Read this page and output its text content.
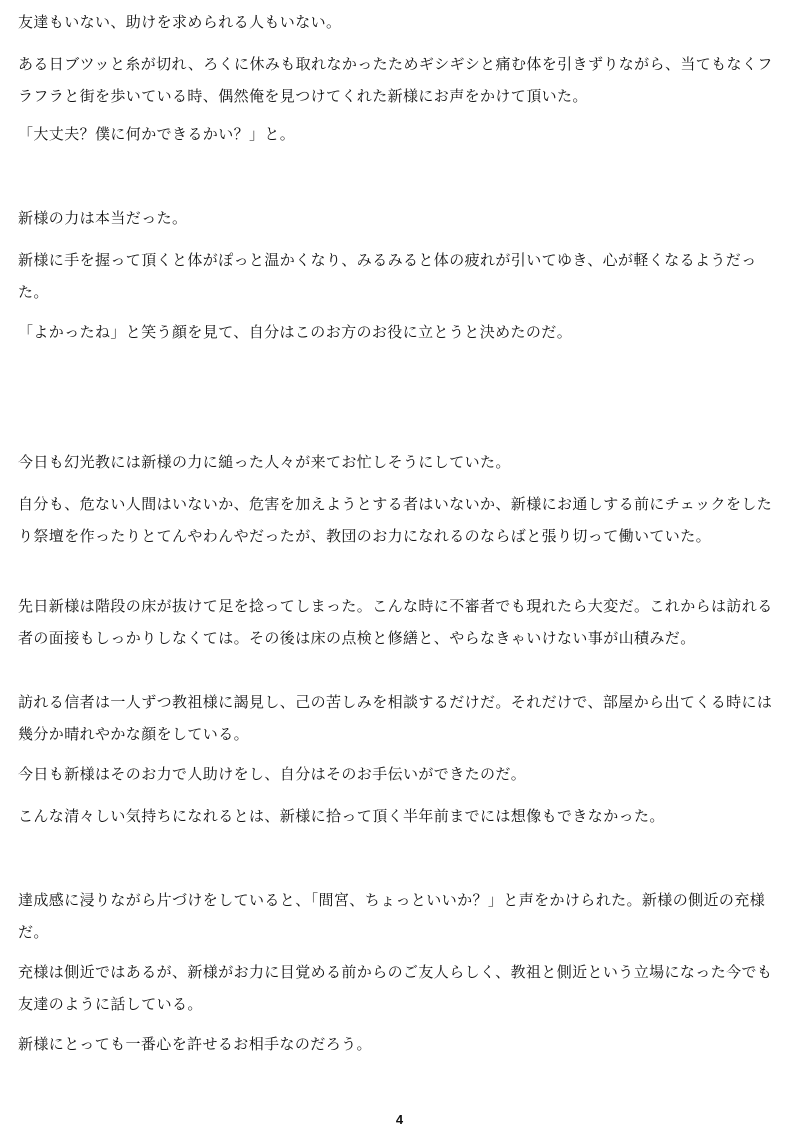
友達もいない、助けを求められる人もいない。

ある日ブツッと糸が切れ、ろくに休みも取れなかったためギシギシと痛む体を引きずりながら、当てもなくフラフラと街を歩いている時、偶然俺を見つけてくれた新様にお声をかけて頂いた。

「大丈夫？僕に何かできるかい？」と。

新様の力は本当だった。

新様に手を握って頂くと体がぽっと温かくなり、みるみると体の疲れが引いてゆき、心が軽くなるようだった。

「よかったね」と笑う顔を見て、自分はこのお方のお役に立とうと決めたのだ。

今日も幻光教には新様の力に縋った人々が来てお忙しそうにしていた。

自分も、危ない人間はいないか、危害を加えようとする者はいないか、新様にお通しする前にチェックをしたり祭壇を作ったりとてんやわんやだったが、教団のお力になれるのならばと張り切って働いていた。

先日新様は階段の床が抜けて足を捻ってしまった。こんな時に不審者でも現れたら大変だ。これからは訪れる者の面接もしっかりしなくては。その後は床の点検と修繕と、やらなきゃいけない事が山積みだ。

訪れる信者は一人ずつ教祖様に謁見し、己の苦しみを相談するだけだ。それだけで、部屋から出てくる時には幾分か晴れやかな顔をしている。

今日も新様はそのお力で人助けをし、自分はそのお手伝いができたのだ。

こんな清々しい気持ちになれるとは、新様に拾って頂く半年前までには想像もできなかった。

達成感に浸りながら片づけをしていると、「間宮、ちょっといいか？」と声をかけられた。新様の側近の充様だ。

充様は側近ではあるが、新様がお力に目覚める前からのご友人らしく、教祖と側近という立場になった今でも友達のように話している。

新様にとっても一番心を許せるお相手なのだろう。

4
